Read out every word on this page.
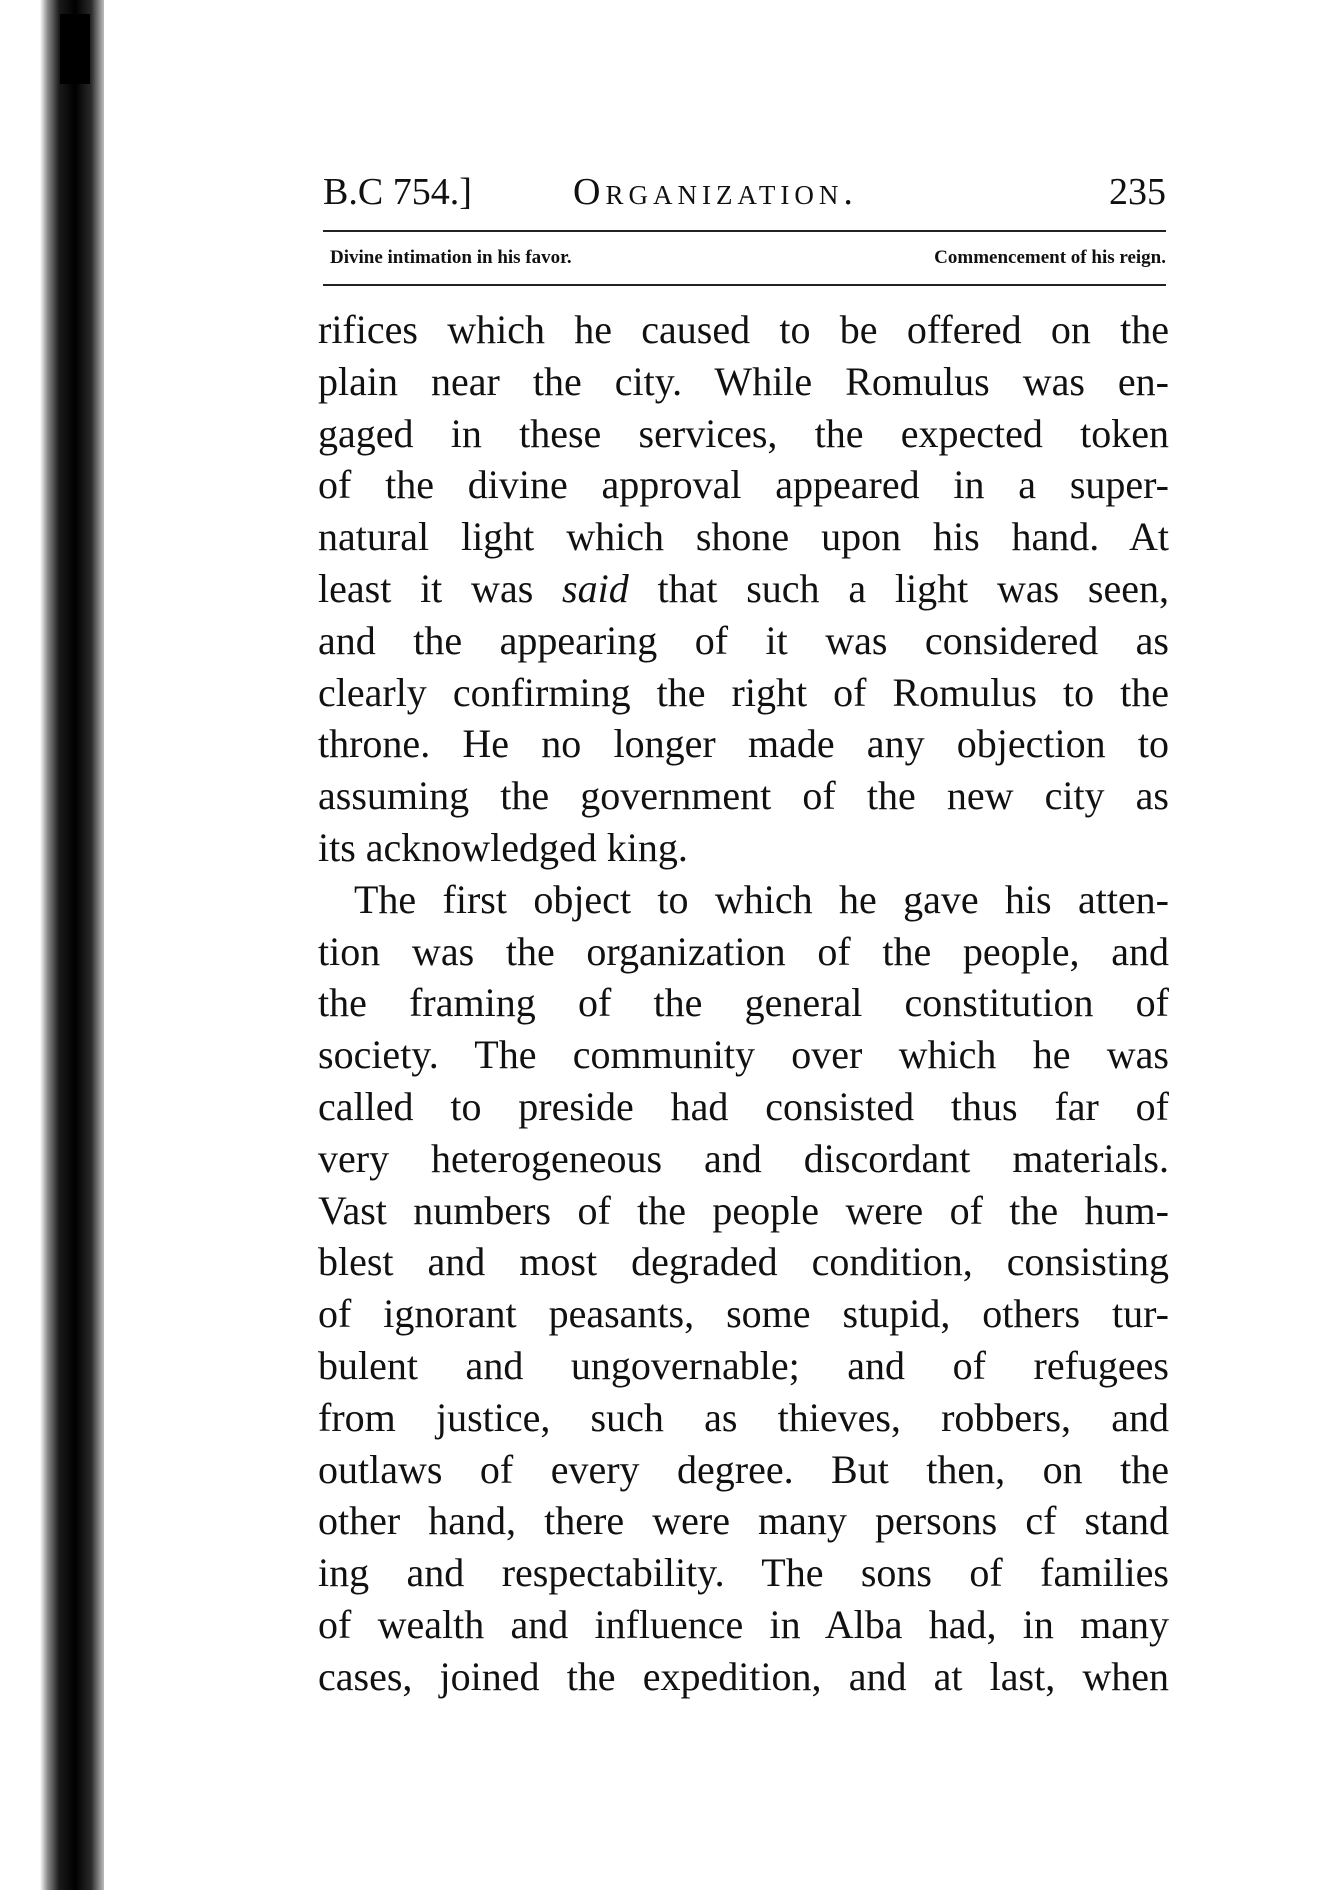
B.C 754.]	Organization.	235
Divine intimation in his favor.	Commencement of his reign.
rifices which he caused to be offered on the
plain near the city. While Romulus was en-
gaged in these services, the expected token
of the divine approval appeared in a super-
natural light which shone upon his hand. At
least it was said that such a light was seen,
and the appearing of it was considered as
clearly confirming the right of Romulus to the
throne. He no longer made any objection to
assuming the government of the new city as
its acknowledged king.
The first object to which he gave his atten-
tion was the organization of the people, and
the framing of the general constitution of
society. The community over which he was
called to preside had consisted thus far of
very heterogeneous and discordant materials.
Vast numbers of the people were of the hum-
blest and most degraded condition, consisting
of ignorant peasants, some stupid, others tur-
bulent and ungovernable; and of refugees
from justice, such as thieves, robbers, and
outlaws of every degree. But then, on the
other hand, there were many persons cf stand
ing and respectability. The sons of families
of wealth and influence in Alba had, in many
cases, joined the expedition, and at last, when
